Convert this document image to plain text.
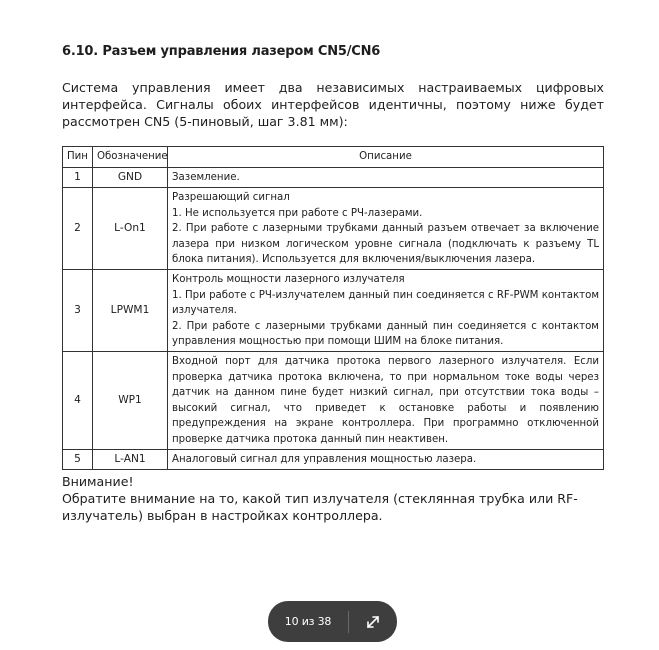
6.10. Разъем управления лазером CN5/CN6

Система управления имеет два независимых настраиваемых цифровых интерфейса. Сигналы обоих интерфейсов идентичны, поэтому ниже будет рассмотрен CN5 (5-пиновый, шаг 3.81 мм):

Пин	Обозначение	Описание
1	GND	Заземление.

2	L-On1	Разрешающий сигнал
1. Не используется при работе с РЧ-лазерами.
2. При работе с лазерными трубками данный разъем отвечает за включение лазера при низком логическом уровне сигнала (подключать к разъему TL блока питания). Используется для включения/выключения лазера.

3	LPWM1	Контроль мощности лазерного излучателя
1. При работе с РЧ-излучателем данный пин соединяется с RF-PWM контактом излучателя.
2. При работе с лазерными трубками данный пин соединяется с контактом управления мощностью при помощи ШИМ на блоке питания.

4	WP1	Входной порт для датчика протока первого лазерного излучателя. Если проверка датчика протока включена, то при нормальном токе воды через датчик на данном пине будет низкий сигнал, при отсутствии тока воды – высокий сигнал, что приведет к остановке работы и появлению предупреждения на экране контроллера. При программно отключенной проверке датчика протока данный пин неактивен.

5	L-AN1	Аналоговый сигнал для управления мощностью лазера.
Внимание!
Обратите внимание на то, какой тип излучателя (стеклянная трубка или RF-излучатель) выбран в настройках контроллера.
10 из 38
